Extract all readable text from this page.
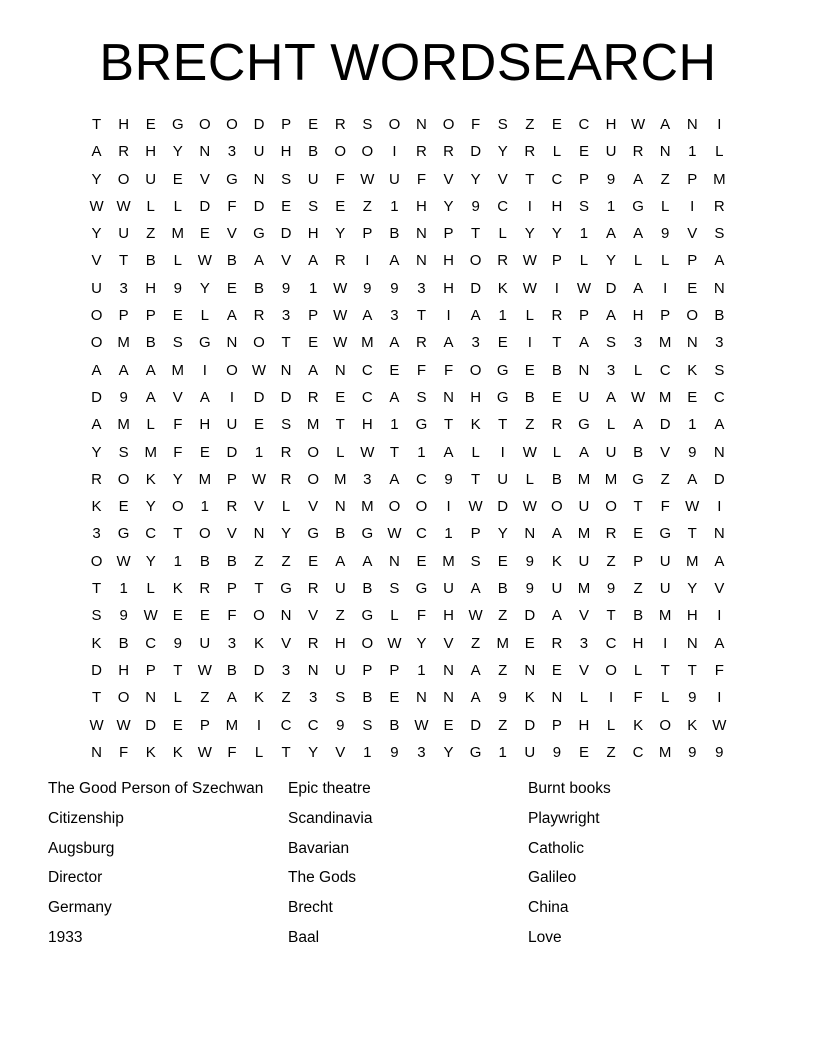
BRECHT WORDSEARCH
T	H	E	G	O	O	D	P	E	R	S	O	N	O	F	S	Z	E	C	H W A	N	I
A	R	H	Y	N	3	U	H	B	O	O	I	R	R	D	Y	R	L	E	U	R	N	1	L
Y	O	U	E	V	G	N	S	U	F	W U	F	V	Y	V	T	C	P	9	A	Z	P	M
W W	L	L	D	F	D	E	S	E	Z	1	H	Y	9	C	I	H	S	1	G	L	I	R
Y	U	Z	M	E	V	G	D	H	Y	P	B	N	P	T	L	Y	Y	1	A	A	9	V	S
V	T	B	L	W B	A	V	A	R	I	A	N	H	O	R W P	L	Y	L	L	P	A
U	3	H	9	Y	E	B	9	1	W	9	9	3	H	D	K W	I	W D	A	I	E	N
O	P	P	E	L	A	R	3	P W A	3	T	I	A	1	L	R	P	A	H	P	O	B
O M	B	S	G	N	O	T	E W M	A	R	A	3	E	I	T	A	S	3	M	N	3
A	A	A	M	I	O W N	A	N	C	E	F	F	O	G	E	B	N	3	L	C	K	S
D	9	A	V	A	I	D	D	R	E	C	A	S	N	H	G	B	E	U	A W M	E	C
A	M	L	F	H	U	E	S	M	T	H	1	G	T	K	T	Z	R	G	L	A	D	1	A
Y	S	M	F	E	D	1	R	O	L	W	T	1	A	L	I	W	L	A	U	B	V	9	N
R	O	K	Y	M	P W R	O M	3	A	C	9	T	U	L	B	M M	G	Z	A	D
K	E	Y	O	1	R	V	L	V	N	M	O	O	I	W D W O	U	O	T	F	W	I
3	G	C	T	O	V	N	Y	G	B	G W C	1	P	Y	N	A	M	R	E	G	T	N
O W Y	1	B	B	Z	Z	E	A	A	N	E	M	S	E	9	K	U	Z	P	U	M	A
T	1	L	K	R	P	T	G	R	U	B	S	G	U	A	B	9	U	M	9	Z	U	Y	V
S	9	W E	E	F	O	N	V	Z	G	L	F	H W	Z	D	A	V	T	B	M	H	I
K	B	C	9	U	3	K	V	R	H	O W Y	V	Z	M	E	R	3	C	H	I	N	A
D	H	P	T	W B	D	3	N	U	P	P	1	N	A	Z	N	E	V	O	L	T	T	F
T	O	N	L	Z	A	K	Z	3	S	B	E	N	N	A	9	K	N	L	I	F	L	9	I
W W D	E	P	M	I	C	C	9	S	B W E	D	Z	D	P	H	L	K	O	K W
N	F	K	K W	F	L	T	Y	V	1	9	3	Y	G	1	U	9	E	Z	C	M	9	9
The Good Person of Szechwan
Citizenship
Augsburg
Director
Germany
1933
Epic theatre
Scandinavia
Bavarian
The Gods
Brecht
Baal
Burnt books
Playwright
Catholic
Galileo
China
Love
